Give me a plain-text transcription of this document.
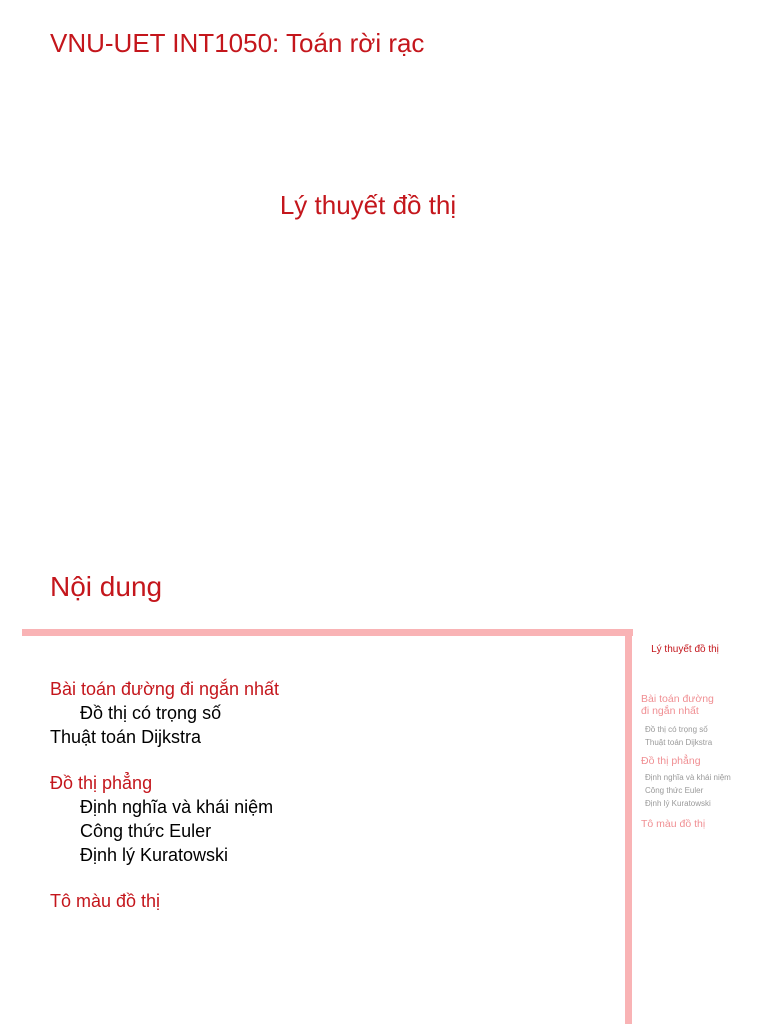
VNU-UET INT1050: Toán rời rạc
Lý thuyết đồ thị
Nội dung
Bài toán đường đi ngắn nhất
Đồ thị có trọng số
Thuật toán Dijkstra
Đồ thị phẳng
Định nghĩa và khái niệm
Công thức Euler
Định lý Kuratowski
Tô màu đồ thị
Lý thuyết đồ thị
Bài toán đường
đi ngắn nhất
Đồ thị có trọng số
Thuật toán Dijkstra
Đồ thị phẳng
Định nghĩa và khái niệm
Công thức Euler
Định lý Kuratowski
Tô màu đồ thị
